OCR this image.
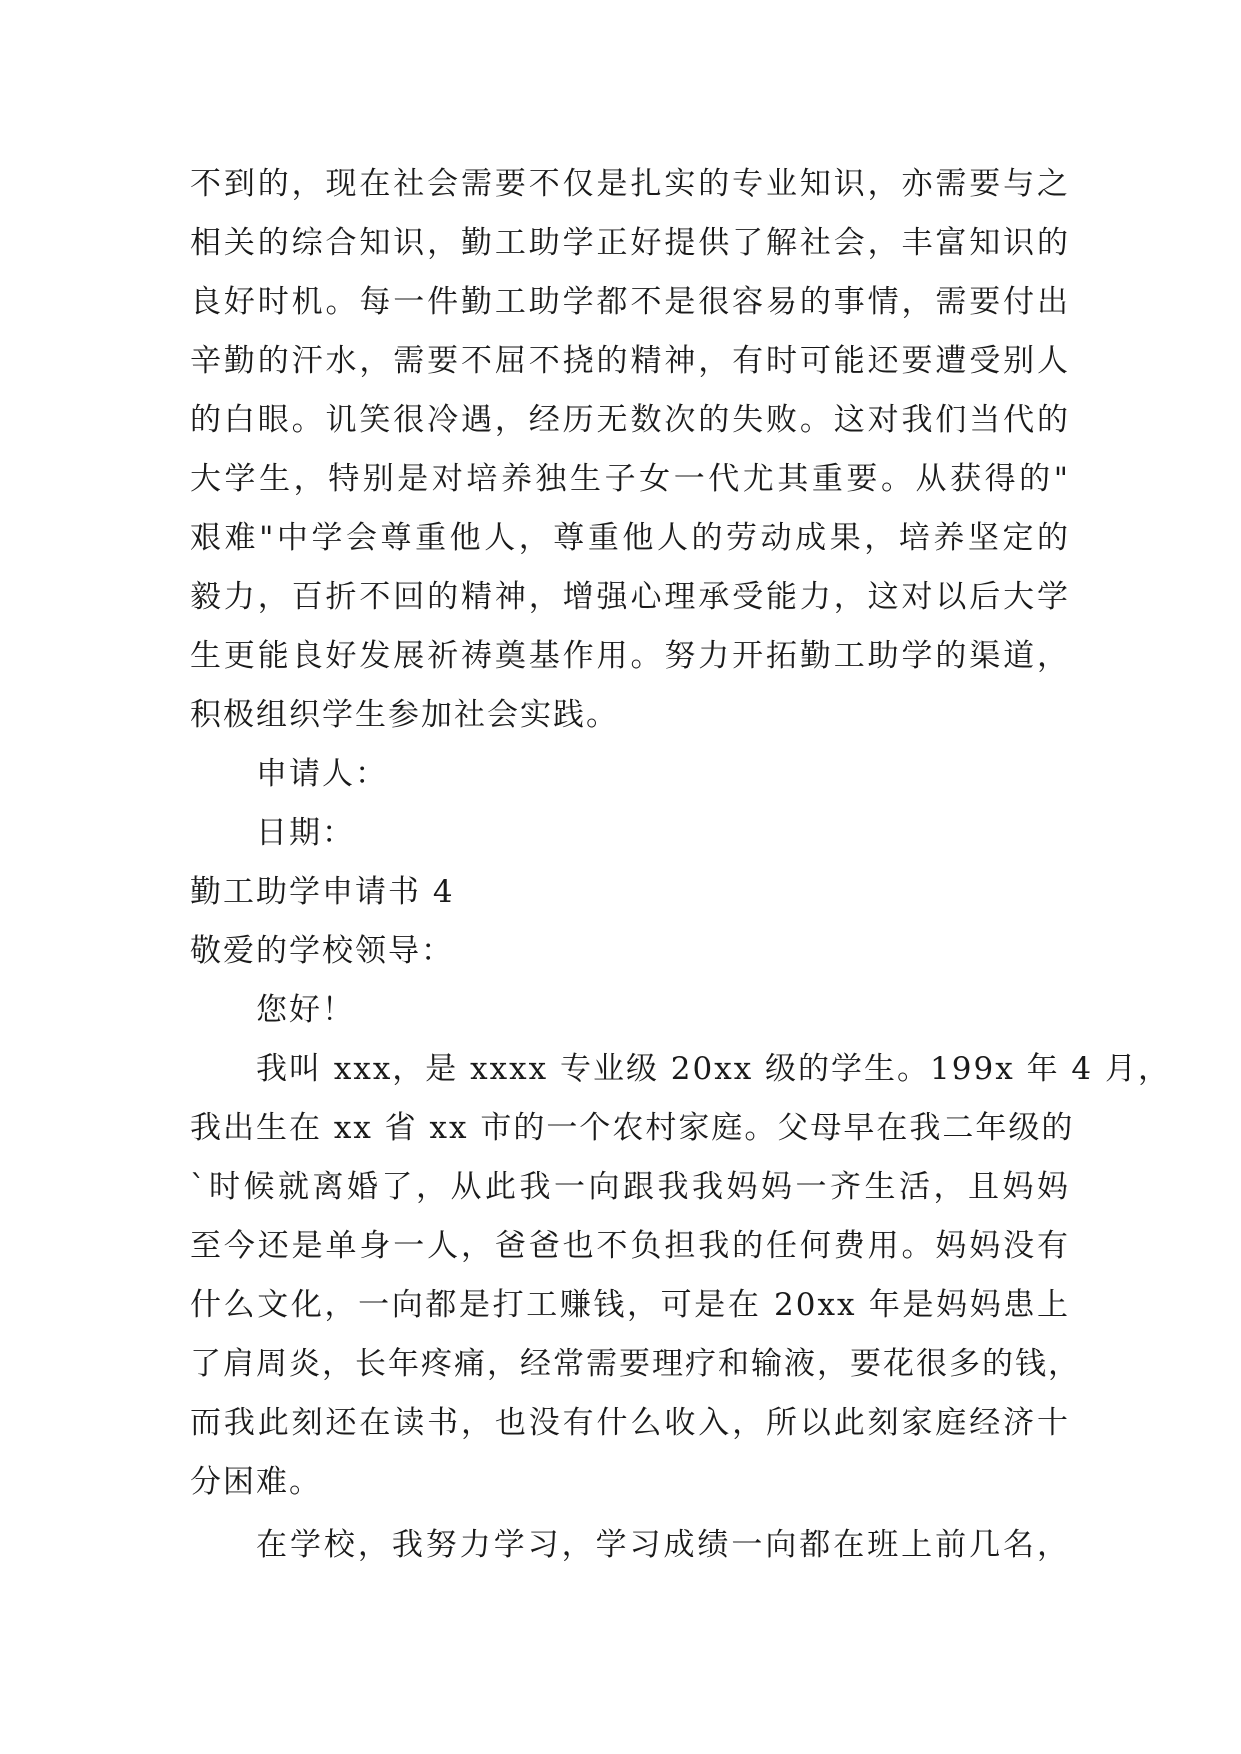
不到的，现在社会需要不仅是扎实的专业知识，亦需要与之
相关的综合知识，勤工助学正好提供了解社会，丰富知识的
良好时机。每一件勤工助学都不是很容易的事情，需要付出
辛勤的汗水，需要不屈不挠的精神，有时可能还要遭受别人
的白眼。讥笑很冷遇，经历无数次的失败。这对我们当代的
大学生，特别是对培养独生子女一代尤其重要。从获得的"
艰难"中学会尊重他人，尊重他人的劳动成果，培养坚定的
毅力，百折不回的精神，增强心理承受能力，这对以后大学
生更能良好发展祈祷奠基作用。努力开拓勤工助学的渠道，
积极组织学生参加社会实践。
申请人：
日期：
勤工助学申请书 4
敬爱的学校领导：
您好！
我叫 xxx，是 xxxx 专业级 20xx 级的学生。199x 年 4 月，
我出生在 xx 省 xx 市的一个农村家庭。父母早在我二年级的
`时候就离婚了，从此我一向跟我我妈妈一齐生活，且妈妈
至今还是单身一人，爸爸也不负担我的任何费用。妈妈没有
什么文化，一向都是打工赚钱，可是在 20xx 年是妈妈患上
了肩周炎，长年疼痛，经常需要理疗和输液，要花很多的钱，
而我此刻还在读书，也没有什么收入，所以此刻家庭经济十
分困难。
在学校，我努力学习，学习成绩一向都在班上前几名，
